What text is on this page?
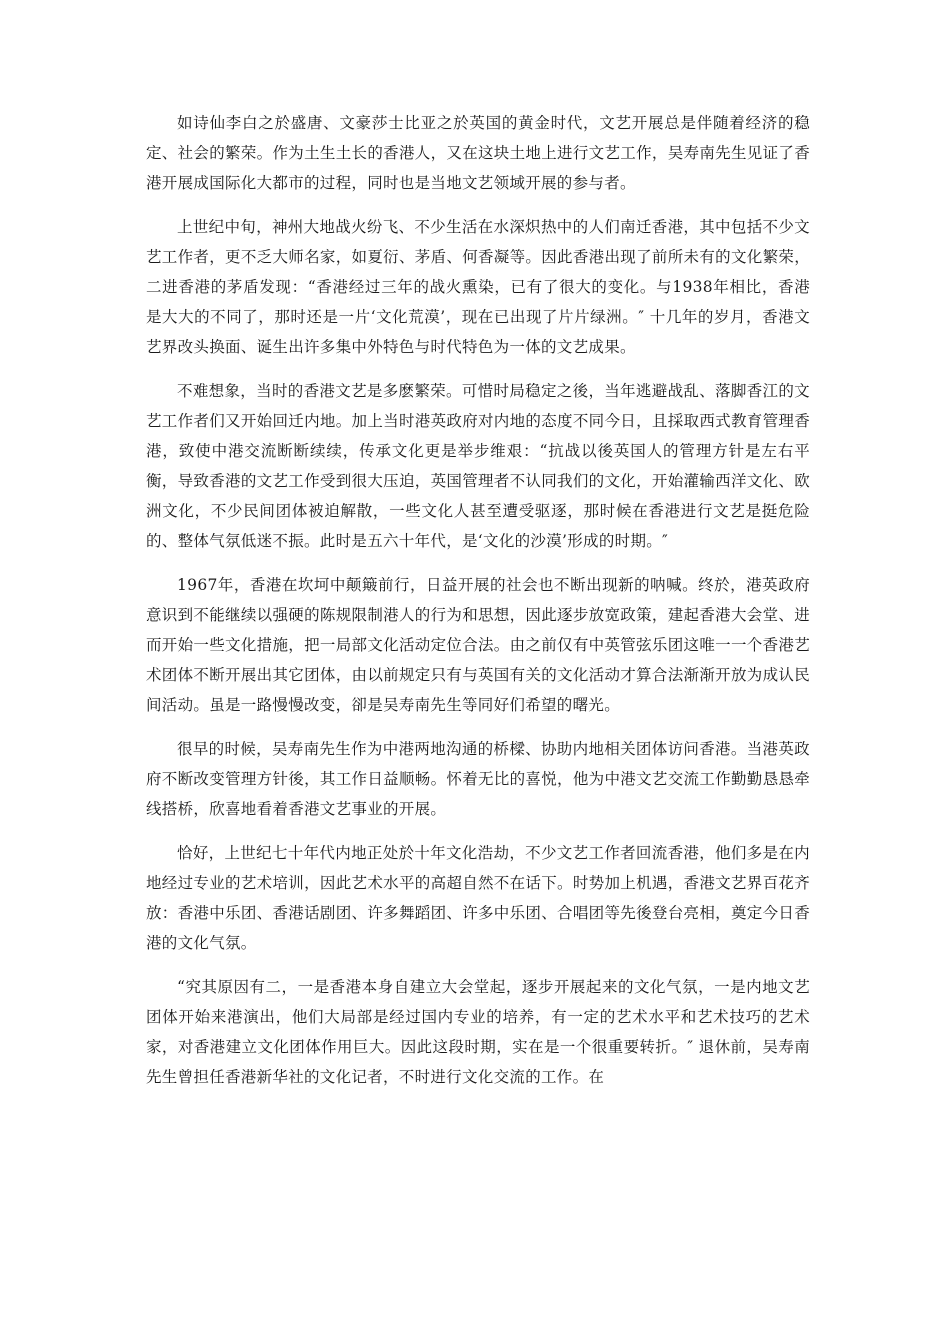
如诗仙李白之於盛唐、文豪莎士比亚之於英国的黄金时代，文艺开展总是伴随着经济的稳定、社会的繁荣。作为土生土长的香港人，又在这块土地上进行文艺工作，吴寿南先生见证了香港开展成国际化大都市的过程，同时也是当地文艺领域开展的参与者。

上世纪中旬，神州大地战火纷飞、不少生活在水深炽热中的人们南迁香港，其中包括不少文艺工作者，更不乏大师名家，如夏衍、茅盾、何香凝等。因此香港出现了前所未有的文化繁荣，二进香港的茅盾发现：“香港经过三年的战火熏染，已有了很大的变化。与1938年相比，香港是大大的不同了，那时还是一片‘文化荒漠’，现在已出现了片片绿洲。″ 十几年的岁月，香港文艺界改头换面、诞生出许多集中外特色与时代特色为一体的文艺成果。

不难想象，当时的香港文艺是多麽繁荣。可惜时局稳定之後，当年逃避战乱、落脚香江的文艺工作者们又开始回迁内地。加上当时港英政府对内地的态度不同今日，且採取西式教育管理香港，致使中港交流断断续续，传承文化更是举步维艰：“抗战以後英国人的管理方针是左右平衡，导致香港的文艺工作受到很大压迫，英国管理者不认同我们的文化，开始灌输西洋文化、欧洲文化，不少民间团体被迫解散，一些文化人甚至遭受驱逐，那时候在香港进行文艺是挺危险的、整体气氛低迷不振。此时是五六十年代，是‘文化的沙漠’形成的时期。″

1967年，香港在坎坷中颠簸前行，日益开展的社会也不断出现新的呐喊。终於，港英政府意识到不能继续以强硬的陈规限制港人的行为和思想，因此逐步放宽政策，建起香港大会堂、进而开始一些文化措施，把一局部文化活动定位合法。由之前仅有中英管弦乐团这唯一一个香港艺术团体不断开展出其它团体，由以前规定只有与英国有关的文化活动才算合法渐渐开放为成认民间活动。虽是一路慢慢改变，卻是吴寿南先生等同好们希望的曙光。

很早的时候，吴寿南先生作为中港两地沟通的桥樑、协助内地相关团体访问香港。当港英政府不断改变管理方针後，其工作日益顺畅。怀着无比的喜悦，他为中港文艺交流工作勤勤恳恳牵线搭桥，欣喜地看着香港文艺事业的开展。

恰好，上世纪七十年代内地正处於十年文化浩劫，不少文艺工作者回流香港，他们多是在内地经过专业的艺术培训，因此艺术水平的高超自然不在话下。时势加上机遇，香港文艺界百花齐放：香港中乐团、香港话剧团、许多舞蹈团、许多中乐团、合唱团等先後登台亮相，奠定今日香港的文化气氛。

“究其原因有二，一是香港本身自建立大会堂起，逐步开展起来的文化气氛，一是内地文艺团体开始来港演出，他们大局部是经过国内专业的培养，有一定的艺术水平和艺术技巧的艺术家，对香港建立文化团体作用巨大。因此这段时期，实在是一个很重要转折。″ 退休前，吴寿南先生曾担任香港新华社的文化记者，不时进行文化交流的工作。在
